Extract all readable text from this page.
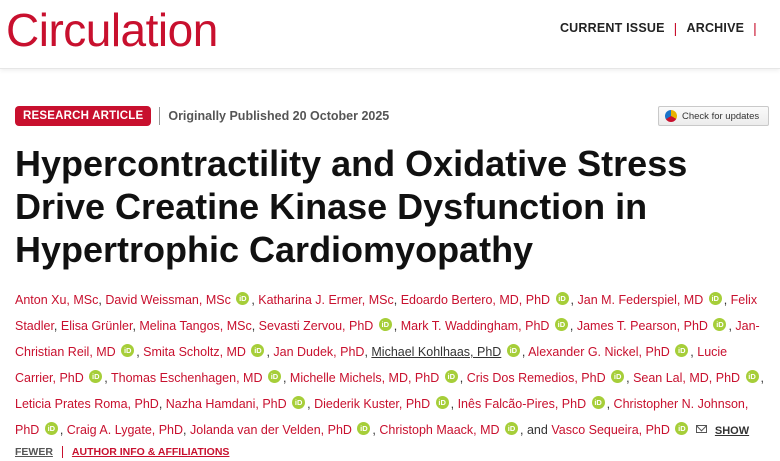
Circulation	CURRENT ISSUE | ARCHIVE |
RESEARCH ARTICLE	Originally Published 20 October 2025	Check for updates
Hypercontractility and Oxidative Stress Drive Creatine Kinase Dysfunction in Hypertrophic Cardiomyopathy
Anton Xu, MSc, David Weissman, MSc iD , Katharina J. Ermer, MSc, Edoardo Bertero, MD, PhD iD , Jan M. Federspiel, MD iD , Felix Stadler, Elisa Grünler, Melina Tangos, MSc, Sevasti Zervou, PhD iD , Mark T. Waddingham, PhD iD , James T. Pearson, PhD iD , Jan-Christian Reil, MD iD , Smita Scholtz, MD iD , Jan Dudek, PhD, Michael Kohlhaas, PhD iD , Alexander G. Nickel, PhD iD , Lucie Carrier, PhD iD , Thomas Eschenhagen, MD iD , Michelle Michels, MD, PhD iD , Cris Dos Remedios, PhD iD , Sean Lal, MD, PhD iD , Leticia Prates Roma, PhD, Nazha Hamdani, PhD iD , Diederik Kuster, PhD iD , Inês Falcão-Pires, PhD iD , Christopher N. Johnson, PhD iD , Craig A. Lygate, PhD, Jolanda van der Velden, PhD iD , Christoph Maack, MD iD , and Vasco Sequeira, PhD iD	SHOW
FEWER AUTHOR INFO & AFFILIATIONS
